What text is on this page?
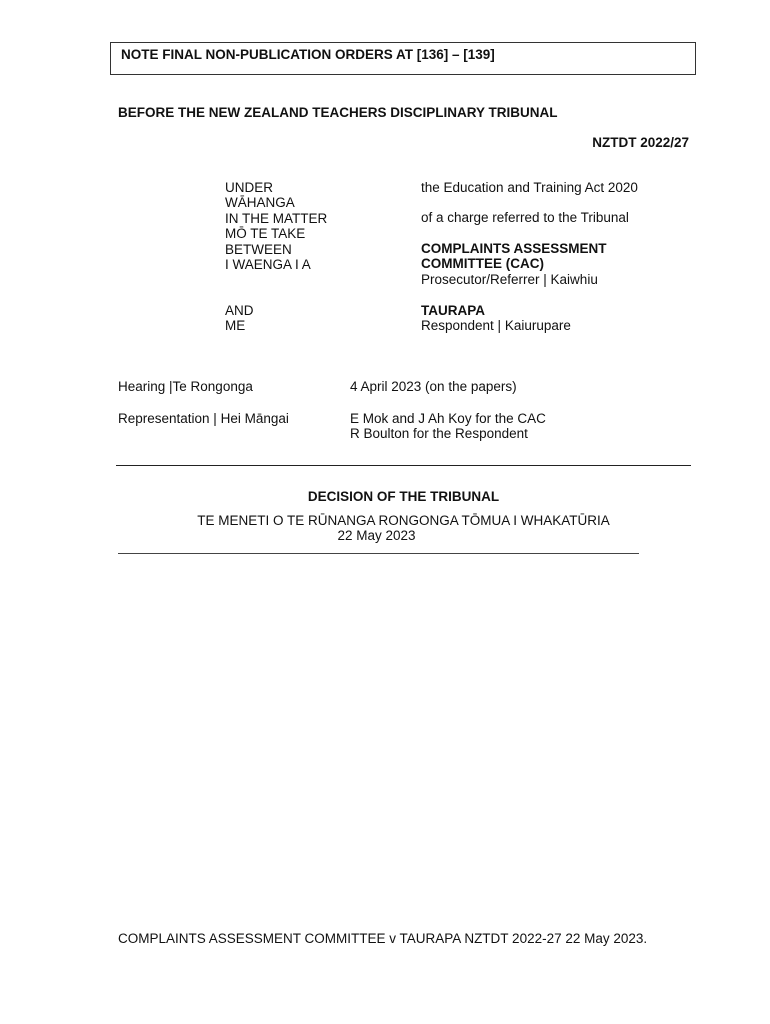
NOTE FINAL NON-PUBLICATION ORDERS AT [136] – [139]
BEFORE THE NEW ZEALAND TEACHERS DISCIPLINARY TRIBUNAL
NZTDT 2022/27
UNDER
WĀHANGA
IN THE MATTER
MŌ TE TAKE
BETWEEN
I WAENGA I A
AND
ME
the Education and Training Act 2020
of a charge referred to the Tribunal
COMPLAINTS ASSESSMENT
COMMITTEE (CAC)
Prosecutor/Referrer | Kaiwhiu
TAURAPA
Respondent | Kaiurupare
Hearing |Te Rongonga	4 April 2023 (on the papers)
Representation | Hei Māngai	E Mok and J Ah Koy for the CAC
R Boulton for the Respondent
DECISION OF THE TRIBUNAL
TE MENETI O TE RŪNANGA RONGONGA TŌMUA I WHAKATŪRIA
22 May 2023
COMPLAINTS ASSESSMENT COMMITTEE v TAURAPA NZTDT 2022-27 22 May 2023.
